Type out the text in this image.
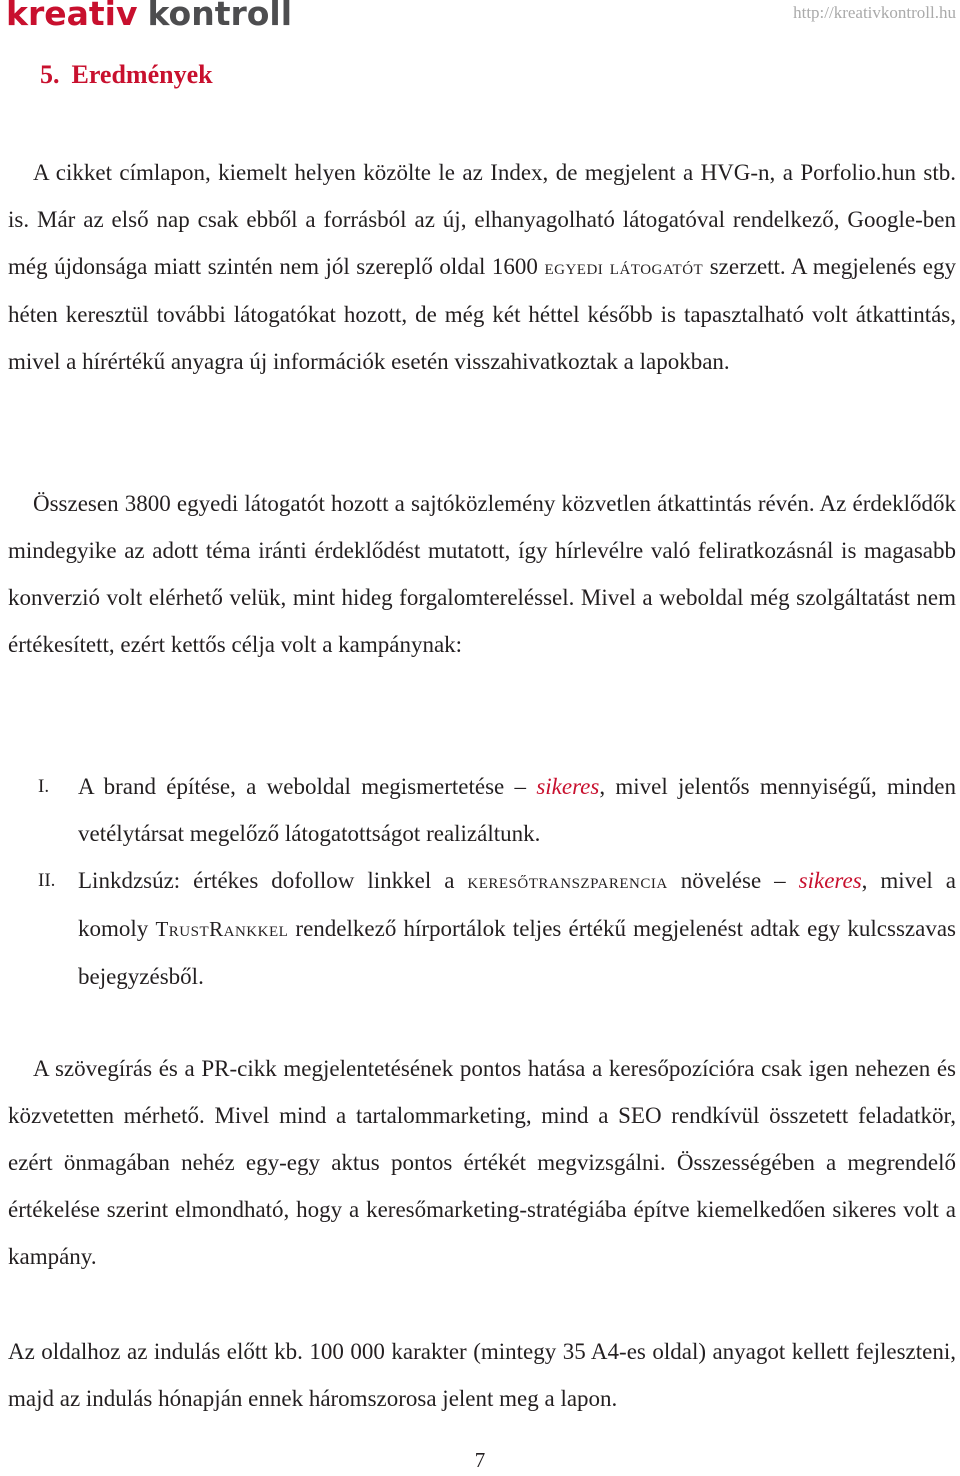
kreativ kontroll	http://kreativkontroll.hu
5. Eredmények
A cikket címlapon, kiemelt helyen közölte le az Index, de megjelent a HVG-n, a Porfolio.hun stb. is. Már az első nap csak ebből a forrásból az új, elhanyagolható látogatóval rendelkező, Google-ben még újdonsága miatt szintén nem jól szereplő oldal 1600 egyedi látogatót szerzett. A megjelenés egy héten keresztül további látogatókat hozott, de még két héttel később is tapasztalható volt átkattintás, mivel a hírértékű anyagra új információk esetén visszahivatkoztak a lapokban.
Összesen 3800 egyedi látogatót hozott a sajtóközlemény közvetlen átkattintás révén. Az érdeklődők mindegyike az adott téma iránti érdeklődést mutatott, így hírlevélre való feliratkozásnál is magasabb konverzió volt elérhető velük, mint hideg forgalomtereléssel. Mivel a weboldal még szolgáltatást nem értékesített, ezért kettős célja volt a kampánynak:
I. A brand építése, a weboldal megismertetése – sikeres, mivel jelentős mennyiségű, minden vetélytársat megelőző látogatottságot realizáltunk.
II. Linkdzsúz: értékes dofollow linkkel a keresőtranszparencia növelése – sikeres, mivel a komoly TrustRankkel rendelkező hírportálok teljes értékű megjelenést adtak egy kulcsszavas bejegyzésből.
A szövegírás és a PR-cikk megjelentetésének pontos hatása a keresőpozícióra csak igen nehezen és közvetetten mérhető. Mivel mind a tartalommarketing, mind a SEO rendkívül összetett feladatkör, ezért önmagában nehéz egy-egy aktus pontos értékét megvizsgálni. Összességében a megrendelő értékelése szerint elmondható, hogy a keresőmarketing-stratégiába építve kiemelkedően sikeres volt a kampány.
Az oldalhoz az indulás előtt kb. 100 000 karakter (mintegy 35 A4-es oldal) anyagot kellett fejleszteni, majd az indulás hónapján ennek háromszorosa jelent meg a lapon.
7
